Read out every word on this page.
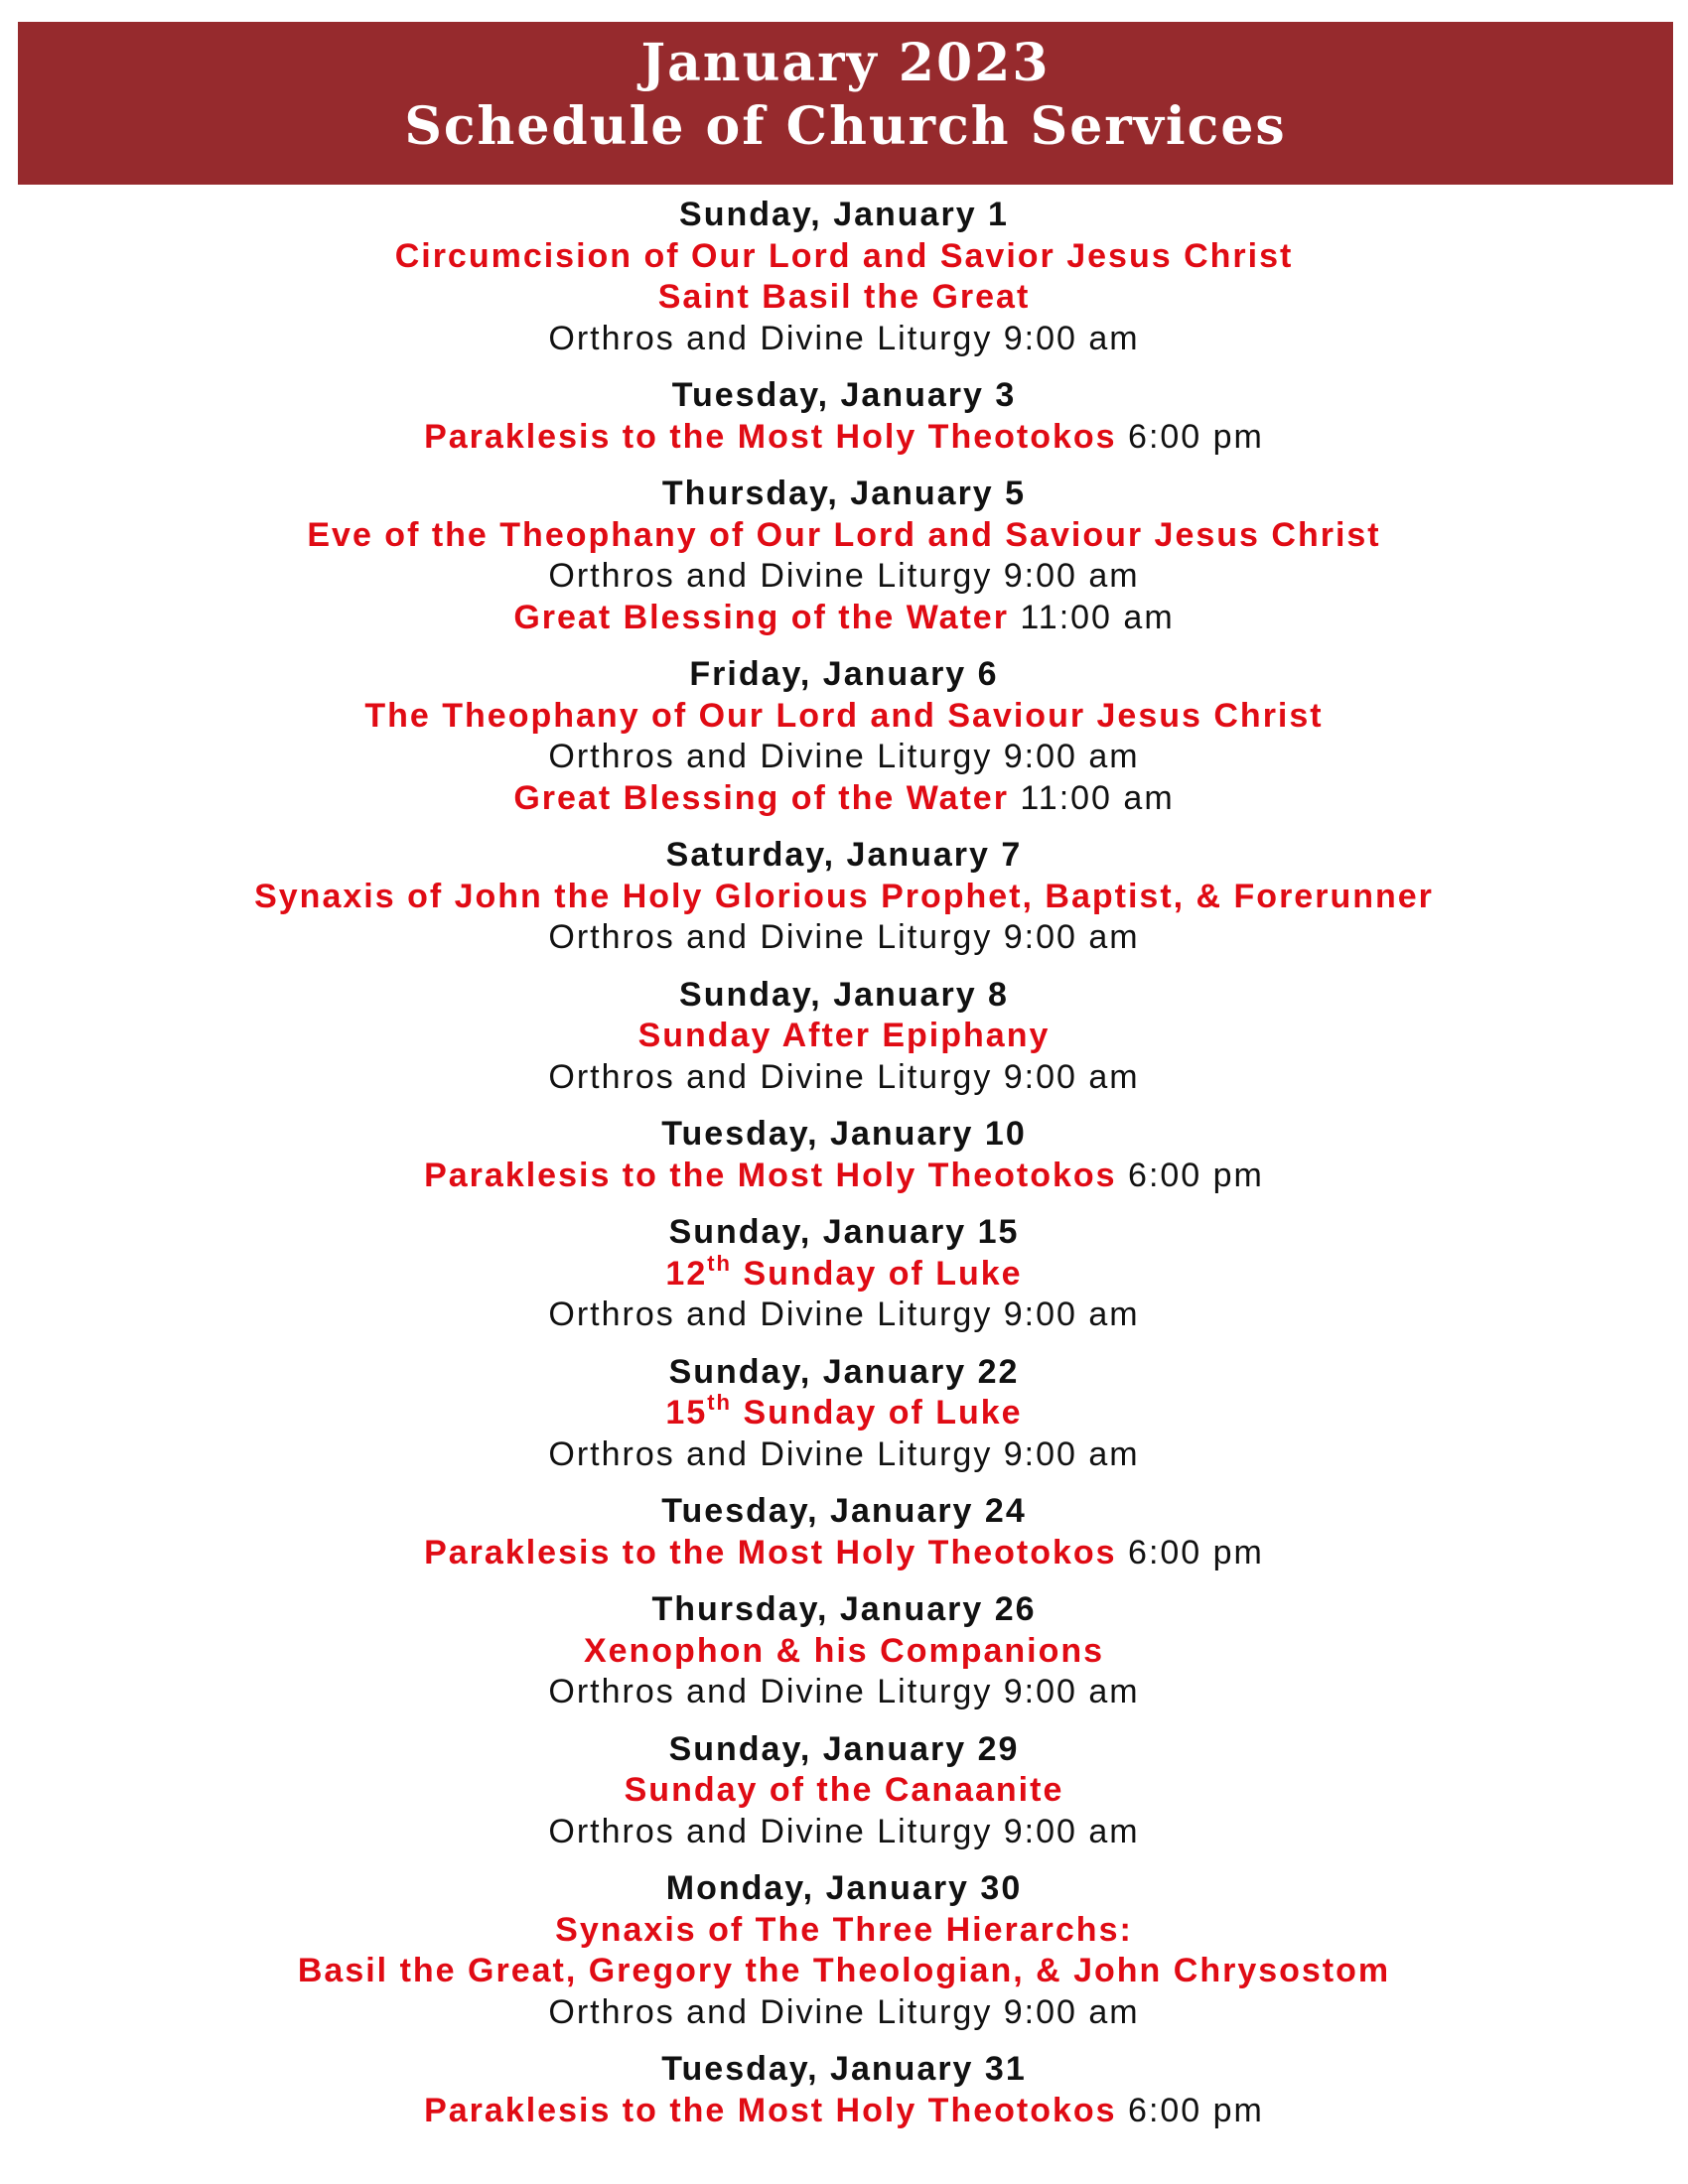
January 2023
Schedule of Church Services
Sunday, January 1
Circumcision of Our Lord and Savior Jesus Christ
Saint Basil the Great
Orthros and Divine Liturgy 9:00 am
Tuesday, January 3
Paraklesis to the Most Holy Theotokos 6:00 pm
Thursday, January 5
Eve of the Theophany of Our Lord and Saviour Jesus Christ
Orthros and Divine Liturgy 9:00 am
Great Blessing of the Water 11:00 am
Friday, January 6
The Theophany of Our Lord and Saviour Jesus Christ
Orthros and Divine Liturgy 9:00 am
Great Blessing of the Water 11:00 am
Saturday, January 7
Synaxis of John the Holy Glorious Prophet, Baptist, & Forerunner
Orthros and Divine Liturgy 9:00 am
Sunday, January 8
Sunday After Epiphany
Orthros and Divine Liturgy 9:00 am
Tuesday, January 10
Paraklesis to the Most Holy Theotokos 6:00 pm
Sunday, January 15
12th Sunday of Luke
Orthros and Divine Liturgy 9:00 am
Sunday, January 22
15th Sunday of Luke
Orthros and Divine Liturgy 9:00 am
Tuesday, January 24
Paraklesis to the Most Holy Theotokos 6:00 pm
Thursday, January 26
Xenophon & his Companions
Orthros and Divine Liturgy 9:00 am
Sunday, January 29
Sunday of the Canaanite
Orthros and Divine Liturgy 9:00 am
Monday, January 30
Synaxis of The Three Hierarchs:
Basil the Great, Gregory the Theologian, & John Chrysostom
Orthros and Divine Liturgy 9:00 am
Tuesday, January 31
Paraklesis to the Most Holy Theotokos 6:00 pm
